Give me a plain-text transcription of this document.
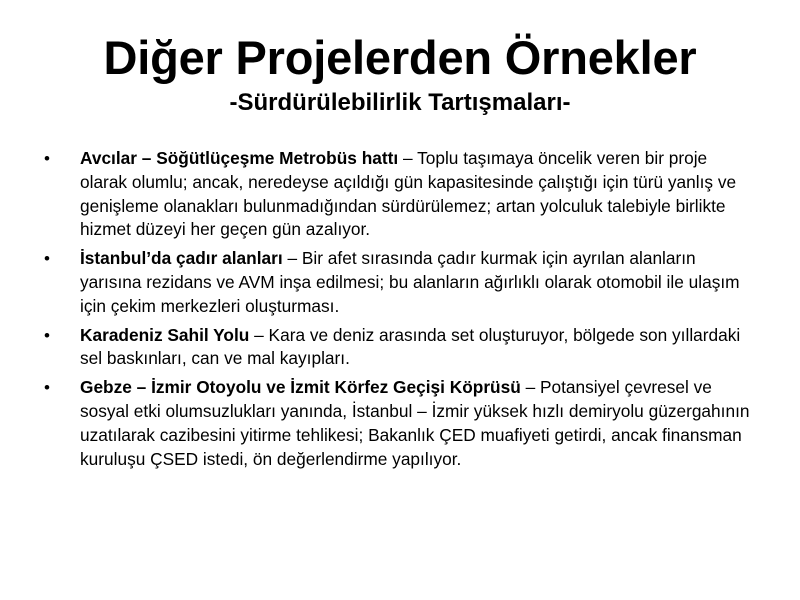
Diğer Projelerden Örnekler
-Sürdürülebilirlik Tartışmaları-
•	Avcılar – Söğütlüçeşme Metrobüs hattı – Toplu taşımaya öncelik veren bir proje olarak olumlu; ancak, neredeyse açıldığı gün kapasitesinde çalıştığı için türü yanlış ve genişleme olanakları bulunmadığından sürdürülemez; artan yolculuk talebiyle birlikte hizmet düzeyi her geçen gün azalıyor.
•	İstanbul’da çadır alanları – Bir afet sırasında çadır kurmak için ayrılan alanların yarısına rezidans ve AVM inşa edilmesi; bu alanların ağırlıklı olarak otomobil ile ulaşım için çekim merkezleri oluşturması.
•	Karadeniz Sahil Yolu – Kara ve deniz arasında set oluşturuyor, bölgede son yıllardaki sel baskınları, can ve mal kayıpları.
•	Gebze – İzmir Otoyolu ve İzmit Körfez Geçişi Köprüsü – Potansiyel çevresel ve sosyal etki olumsuzlukları yanında, İstanbul – İzmir yüksek hızlı demiryolu güzergahının uzatılarak cazibesini yitirme tehlikesi; Bakanlık ÇED muafiyeti getirdi, ancak finansman kuruluşu ÇSED istedi, ön değerlendirme yapılıyor.
